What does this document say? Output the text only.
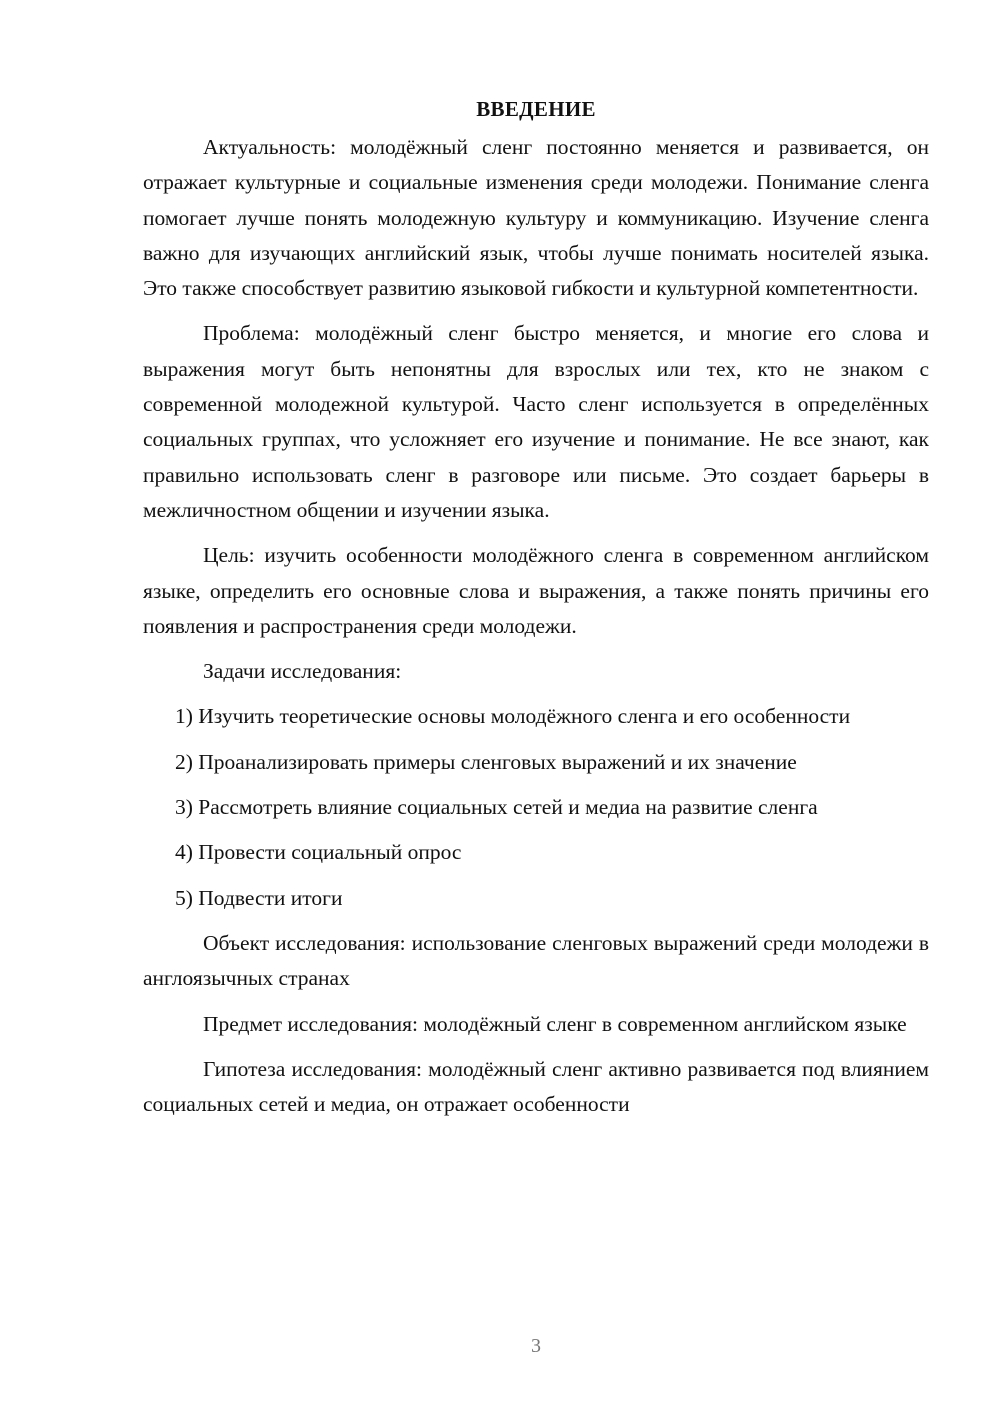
ВВЕДЕНИЕ

Актуальность: молодёжный сленг постоянно меняется и развивается, он отражает культурные и социальные изменения среди молодежи. Понимание сленга помогает лучше понять молодежную культуру и коммуникацию. Изучение сленга важно для изучающих английский язык, чтобы лучше понимать носителей языка. Это также способствует развитию языковой гибкости и культурной компетентности.

Проблема: молодёжный сленг быстро меняется, и многие его слова и выражения могут быть непонятны для взрослых или тех, кто не знаком с современной молодежной культурой. Часто сленг используется в определённых социальных группах, что усложняет его изучение и понимание. Не все знают, как правильно использовать сленг в разговоре или письме. Это создает барьеры в межличностном общении и изучении языка.

Цель: изучить особенности молодёжного сленга в современном английском языке, определить его основные слова и выражения, а также понять причины его появления и распространения среди молодежи.

Задачи исследования:

1) Изучить теоретические основы молодёжного сленга и его особенности

2) Проанализировать примеры сленговых выражений и их значение

3) Рассмотреть влияние социальных сетей и медиа на развитие сленга

4) Провести социальный опрос

5) Подвести итоги

Объект исследования: использование сленговых выражений среди молодежи в англоязычных странах

Предмет исследования: молодёжный сленг в современном английском языке

Гипотеза исследования: молодёжный сленг активно развивается под влиянием социальных сетей и медиа, он отражает особенности

3
